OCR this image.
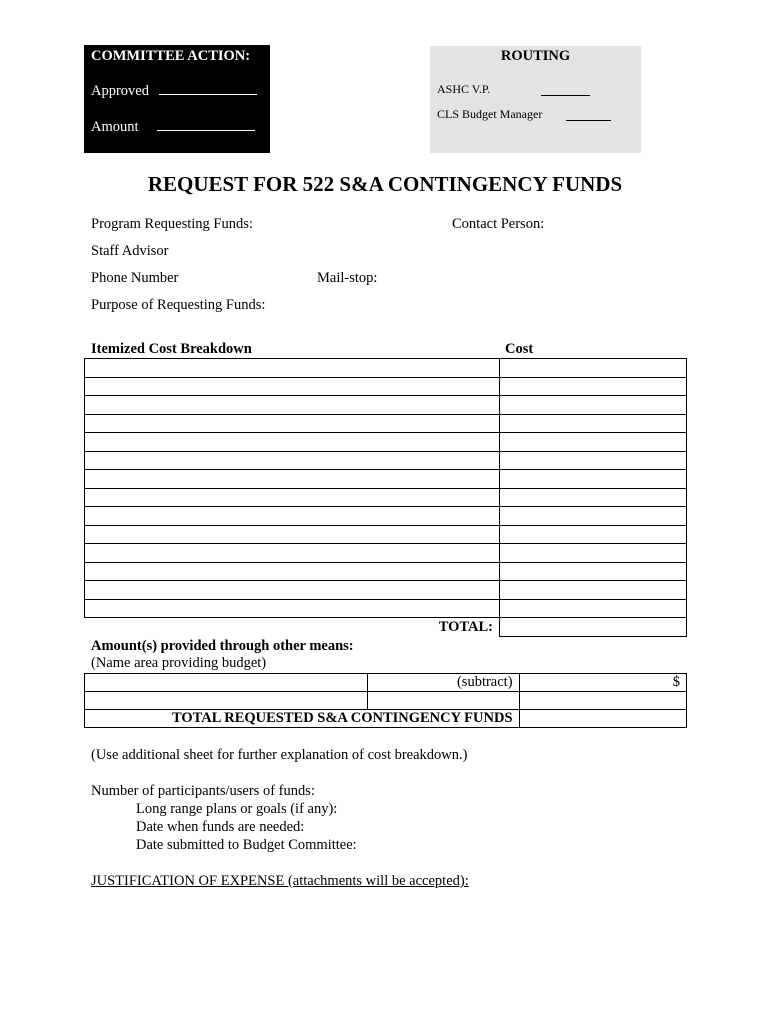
COMMITTEE ACTION:
Approved
Amount
ROUTING
ASHC V.P.
CLS Budget Manager
REQUEST FOR 522 S&A CONTINGENCY FUNDS
Program Requesting Funds:	Contact Person:
Staff Advisor
Phone Number	Mail-stop:
Purpose of Requesting Funds:
Itemized Cost Breakdown	Cost

TOTAL:	
Amount(s) provided through other means:
(Name area providing budget)
	(subtract)	$

TOTAL REQUESTED S&A CONTINGENCY FUNDS		
(Use additional sheet for further explanation of cost breakdown.)
Number of participants/users of funds:
Long range plans or goals (if any):
Date when funds are needed:
Date submitted to Budget Committee:
JUSTIFICATION OF EXPENSE (attachments will be accepted):
